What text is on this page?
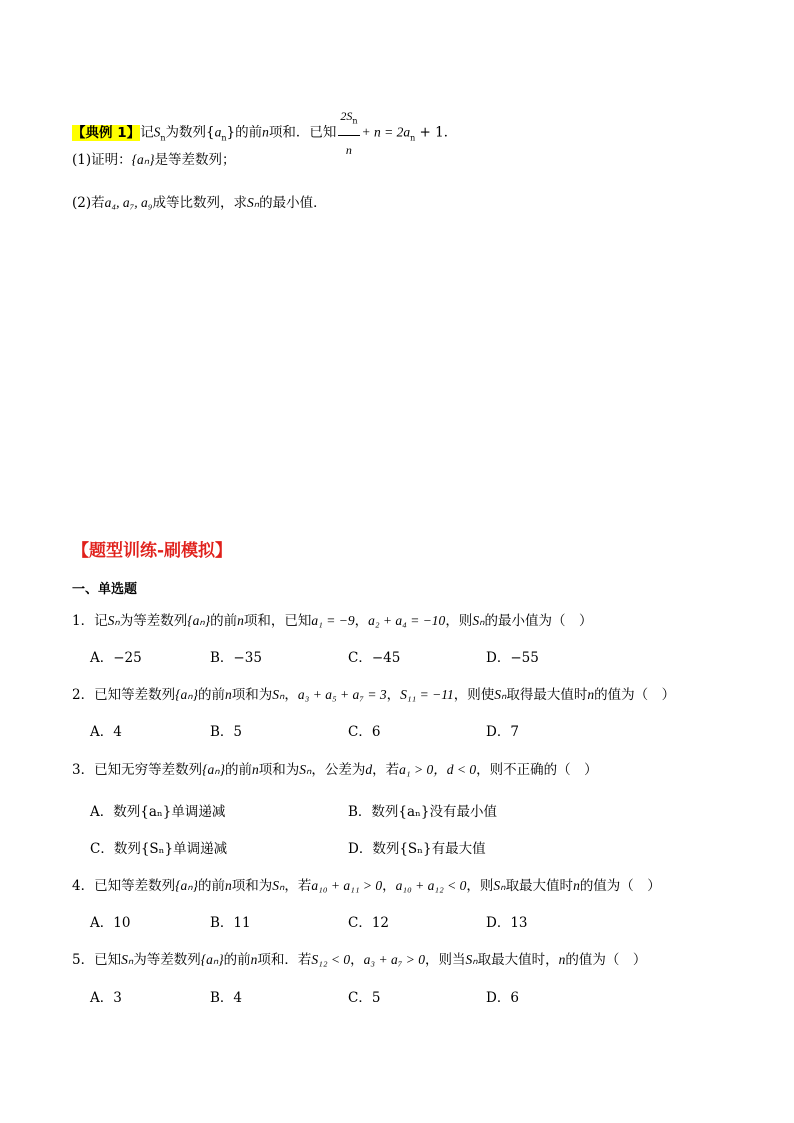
【典例 1】记$S_n$为数列$\{a_n\}$的前n项和．已知 $\frac{2S_n}{n} + n = 2a_n + 1$．
(1)证明：{aₙ}是等差数列；
(2)若a₄, a₇, a₉成等比数列，求Sₙ的最小值．
【题型训练-刷模拟】
一、单选题
1．记Sₙ为等差数列{aₙ}的前n项和，已知a₁ = −9，a₂ + a₄ = −10，则Sₙ的最小值为（　）
A．−25	B．−35	C．−45	D．−55
2．已知等差数列{aₙ}的前n项和为Sₙ，a₃ + a₅ + a₇ = 3，S₁₁ = −11，则使Sₙ取得最大值时n的值为（　）
A．4	B．5	C．6	D．7
3．已知无穷等差数列{aₙ}的前n项和为Sₙ，公差为d，若a₁ > 0，d < 0，则不正确的（　）
A．数列{aₙ}单调递减	B．数列{aₙ}没有最小值
C．数列{Sₙ}单调递减	D．数列{Sₙ}有最大值
4．已知等差数列{aₙ}的前n项和为Sₙ，若a₁₀ + a₁₁ > 0，a₁₀ + a₁₂ < 0，则Sₙ取最大值时n的值为（　）
A．10	B．11	C．12	D．13
5．已知Sₙ为等差数列{aₙ}的前n项和．若S₁₂ < 0，a₃ + a₇ > 0，则当Sₙ取最大值时，n的值为（　）
A．3	B．4	C．5	D．6
